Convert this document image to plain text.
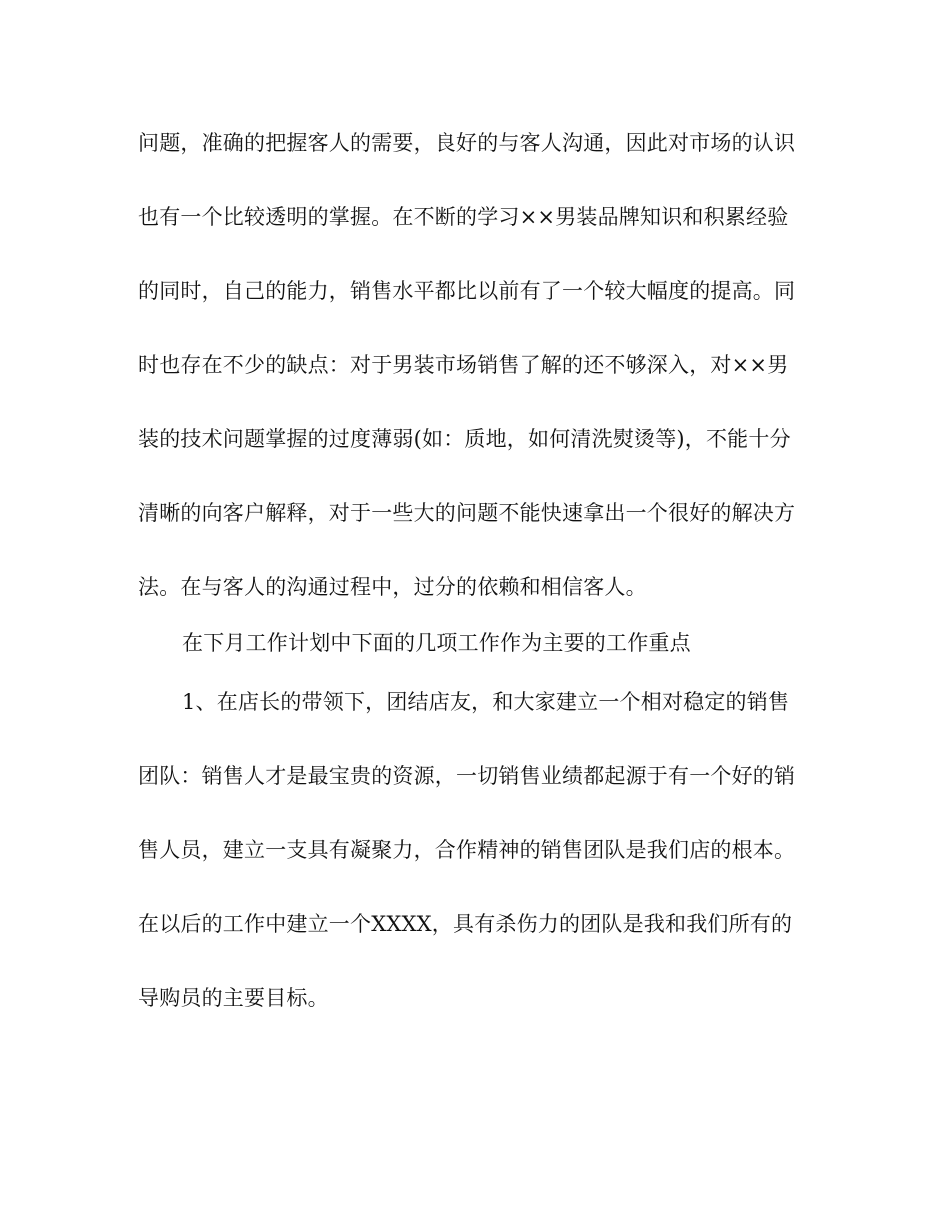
问题，准确的把握客人的需要，良好的与客人沟通，因此对市场的认识
也有一个比较透明的掌握。在不断的学习××男装品牌知识和积累经验
的同时，自己的能力，销售水平都比以前有了一个较大幅度的提高。同
时也存在不少的缺点：对于男装市场销售了解的还不够深入，对××男
装的技术问题掌握的过度薄弱(如：质地，如何清洗熨烫等)，不能十分
清晰的向客户解释，对于一些大的问题不能快速拿出一个很好的解决方
法。在与客人的沟通过程中，过分的依赖和相信客人。
在下月工作计划中下面的几项工作作为主要的工作重点
1、在店长的带领下，团结店友，和大家建立一个相对稳定的销售
团队：销售人才是最宝贵的资源，一切销售业绩都起源于有一个好的销
售人员，建立一支具有凝聚力，合作精神的销售团队是我们店的根本。
在以后的工作中建立一个XXXX，具有杀伤力的团队是我和我们所有的
导购员的主要目标。
